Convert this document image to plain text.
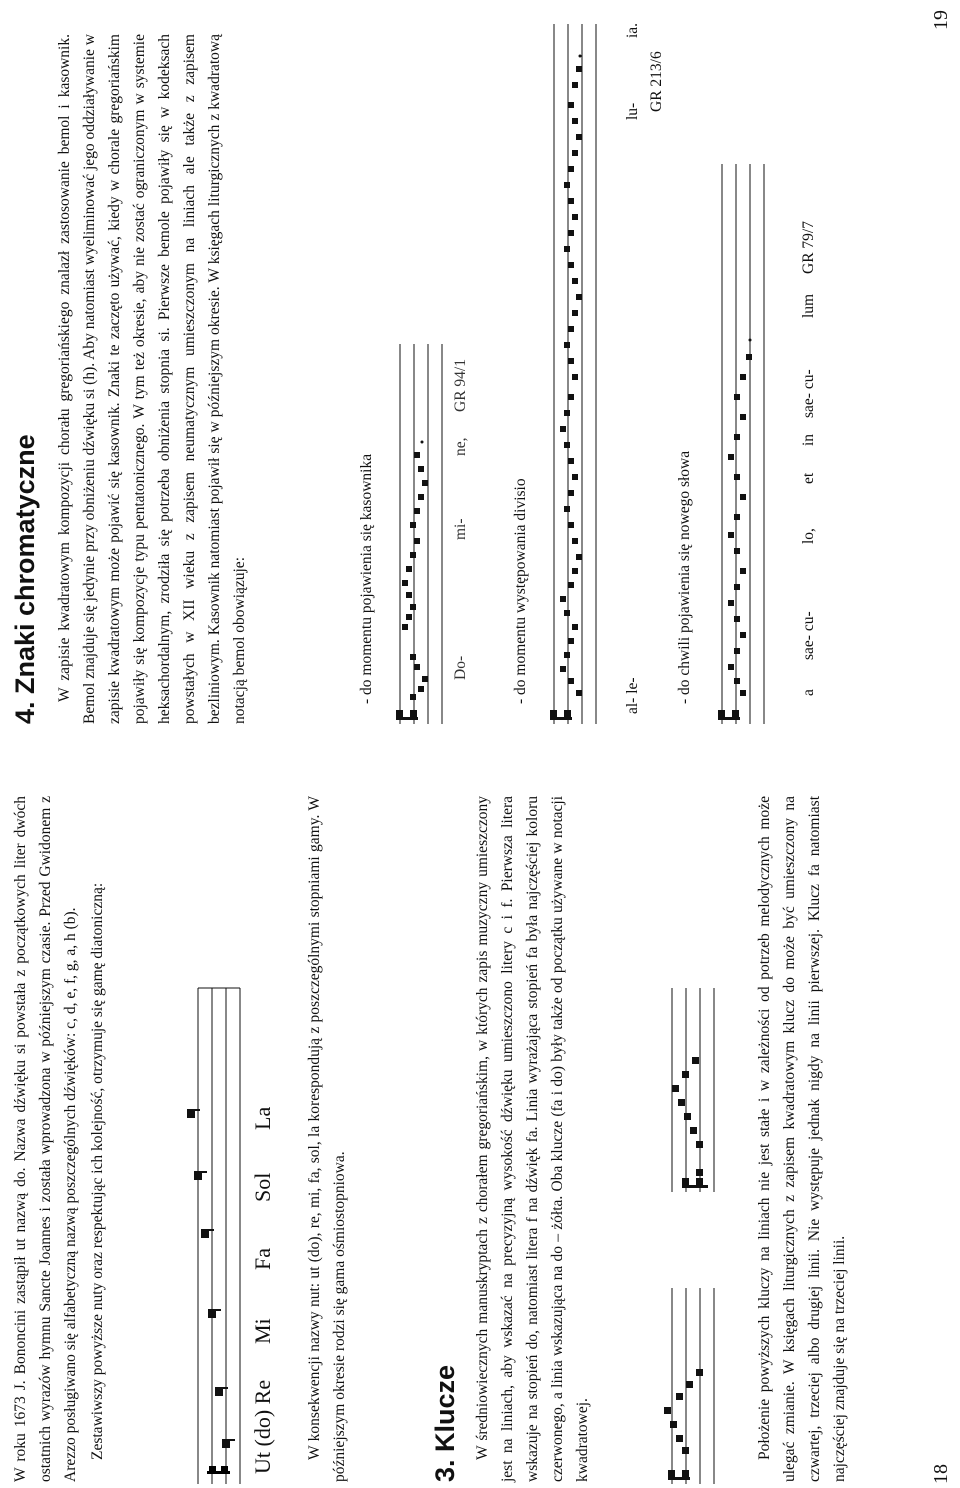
W roku 1673 J. Bononcini zastąpił ut nazwą do. Nazwa dźwięku si powstała z początkowych liter dwóch ostatnich wyrazów hymnu Sancte Joannes i została wprowadzona w późniejszym czasie. Przed Gwidonem z Arezzo posługiwano się alfabetyczną nazwą poszczególnych dźwięków: c, d, e, f, g, a, h (b). Zestawiwszy powyższe nuty oraz respektując ich kolejność, otrzymuje się gamę diatoniczną:	Ut (do) Re
Mi
Fa
Sol
La W konsekwencji nazwy nut: ut (do), re, mi, fa, sol, la korespondują z poszczególnymi stopniami gamy. W późniejszym okresie rodzi się gama ośmiostopniowa.	3. Klucze W średniowiecznych manuskryptach z chorałem gregoriańskim, w których zapis muzyczny umieszczony jest na liniach, aby wskazać na precyzyjną wysokość dźwięku umieszczono litery c i f. Pierwsza litera wskazuje na stopień do, natomiast litera f na dźwięk fa. Linia wyrażająca stopień fa była najczęściej koloru czerwonego, a linia wskazująca na do – żółta. Oba klucze (fa i do) były także od początku używane w notacji kwadratowej.	Położenie powyższych kluczy na liniach nie jest stałe i w zależności od potrzeb melodycznych może ulegać zmianie. W księgach liturgicznych z zapisem kwadratowym klucz do może być umieszczony na czwartej, trzeciej albo drugiej linii. Nie występuje jednak nigdy na linii pierwszej. Klucz fa natomiast najczęściej znajduje się na trzeciej linii.	18
4. Znaki chromatyczne W zapisie kwadratowym kompozycji chorału gregoriańskiego znalazł zastosowanie bemol i kasownik. Bemol znajduje się jedynie przy obniżeniu dźwięku si (h). Aby natomiast wyeliminować jego oddziaływanie w zapisie kwadratowym może pojawić się kasownik. Znaki te zaczęto używać, kiedy w chorale gregoriańskim pojawiły się kompozycje typu pentatonicznego. W tym też okresie, aby nie zostać ograniczonym w systemie heksachordalnym, zrodziła się potrzeba obniżenia stopnia si. Pierwsze bemole pojawiły się w kodeksach powstałych w XII wieku z zapisem neumatycznym umieszczonym na liniach ale także z zapisem bezliniowym. Kasownik natomiast pojawił się w późniejszym okresie. W księgach liturgicznych z kwadratową notacją bemol obowiązuje:	- do momentu pojawienia się kasownika	Do-
mi-
ne,
GR 94/1
- do momentu występowania divisio	al- le-
lu-
ia.
GR 213/6
- do chwili pojawienia się nowego słowa	a
sae- cu-
lo,
et
in
sae- cu-
lum
GR 79/7
19
